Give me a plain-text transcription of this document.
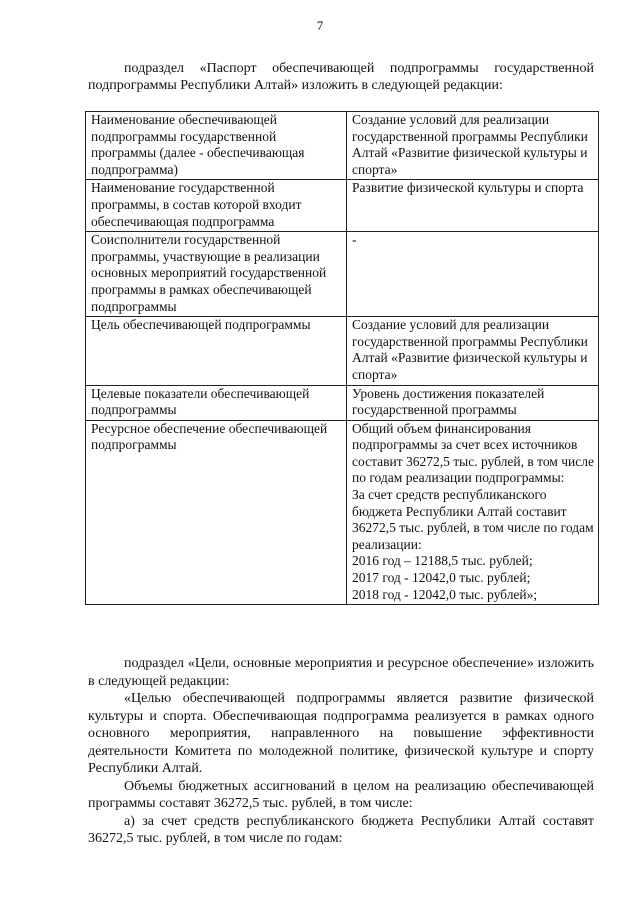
7

подраздел «Паспорт обеспечивающей подпрограммы государственной подпрограммы Республики Алтай» изложить в следующей редакции:

Наименование обеспечивающей подпрограммы государственной программы (далее - обеспечивающая подпрограмма)	Создание условий для реализации государственной программы Республики Алтай «Развитие физической культуры и спорта»

Наименование государственной программы, в состав которой входит обеспечивающая подпрограмма	Развитие физической культуры и спорта

Соисполнители государственной программы, участвующие в реализации основных мероприятий государственной программы в рамках обеспечивающей подпрограммы	-

Цель обеспечивающей подпрограммы	Создание условий для реализации государственной программы Республики Алтай «Развитие физической культуры и спорта»

Целевые показатели обеспечивающей подпрограммы	Уровень достижения показателей государственной программы

Ресурсное обеспечение обеспечивающей подпрограммы	Общий объем финансирования подпрограммы за счет всех источников составит 36272,5 тыс. рублей, в том числе по годам реализации подпрограммы:
За счет средств республиканского бюджета Республики Алтай составит 36272,5 тыс. рублей, в том числе по годам реализации:
2016 год – 12188,5 тыс. рублей;
2017 год - 12042,0 тыс. рублей;
2018 год - 12042,0 тыс. рублей»;

подраздел «Цели, основные мероприятия и ресурсное обеспечение» изложить в следующей редакции:

«Целью обеспечивающей подпрограммы является развитие физической культуры и спорта. Обеспечивающая подпрограмма реализуется в рамках одного основного мероприятия, направленного на повышение эффективности деятельности Комитета по молодежной политике, физической культуре и спорту Республики Алтай.

Объемы бюджетных ассигнований в целом на реализацию обеспечивающей программы составят 36272,5 тыс. рублей, в том числе:

а) за счет средств республиканского бюджета Республики Алтай составят 36272,5 тыс. рублей, в том числе по годам:
